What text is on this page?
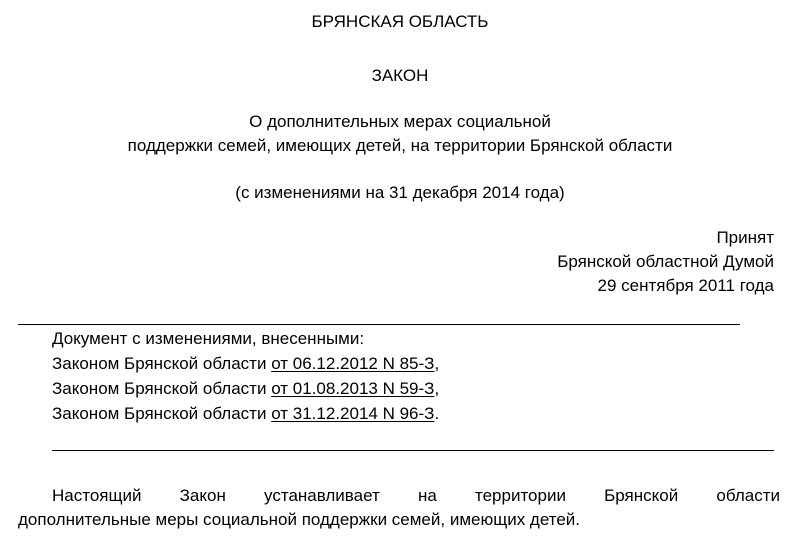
БРЯНСКАЯ ОБЛАСТЬ
ЗАКОН
О дополнительных мерах социальной
поддержки семей, имеющих детей, на территории Брянской области
(с изменениями на 31 декабря 2014 года)
Принят
Брянской областной Думой
29 сентября 2011 года
Документ с изменениями, внесенными:
Законом Брянской области от 06.12.2012 N 85-З,
Законом Брянской области от 01.08.2013 N 59-З,
Законом Брянской области от 31.12.2014 N 96-З.
Настоящий Закон устанавливает на территории Брянской области
дополнительные меры социальной поддержки семей, имеющих детей.
